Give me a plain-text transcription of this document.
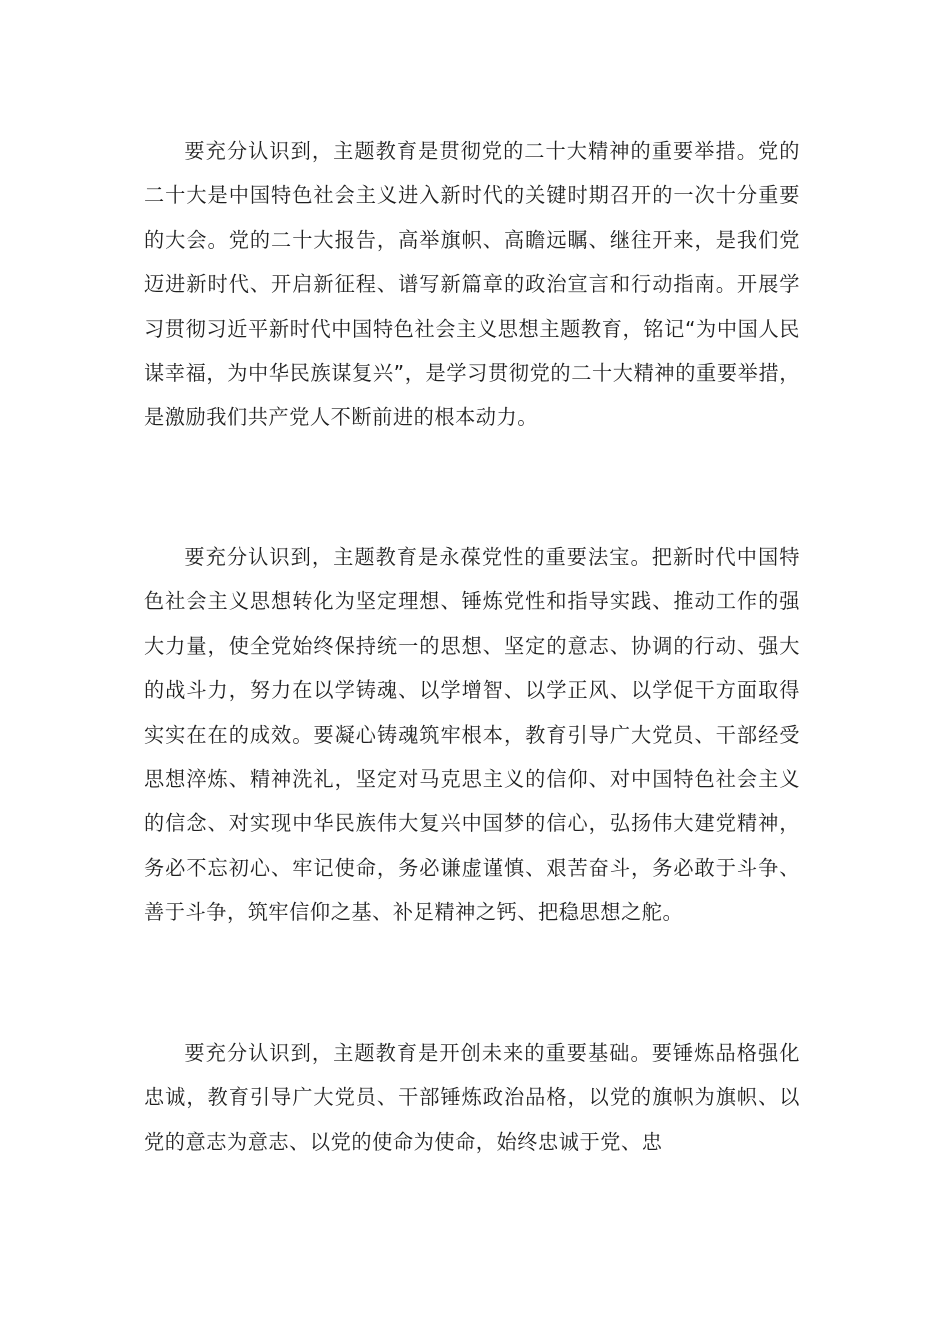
要充分认识到，主题教育是贯彻党的二十大精神的重要举措。党的二十大是中国特色社会主义进入新时代的关键时期召开的一次十分重要的大会。党的二十大报告，高举旗帜、高瞻远瞩、继往开来，是我们党迈进新时代、开启新征程、谱写新篇章的政治宣言和行动指南。开展学习贯彻习近平新时代中国特色社会主义思想主题教育，铭记“为中国人民谋幸福，为中华民族谋复兴”，是学习贯彻党的二十大精神的重要举措，是激励我们共产党人不断前进的根本动力。

要充分认识到，主题教育是永葆党性的重要法宝。把新时代中国特色社会主义思想转化为坚定理想、锤炼党性和指导实践、推动工作的强大力量，使全党始终保持统一的思想、坚定的意志、协调的行动、强大的战斗力，努力在以学铸魂、以学增智、以学正风、以学促干方面取得实实在在的成效。要凝心铸魂筑牢根本，教育引导广大党员、干部经受思想淬炼、精神洗礼，坚定对马克思主义的信仰、对中国特色社会主义的信念、对实现中华民族伟大复兴中国梦的信心，弘扬伟大建党精神，务必不忘初心、牢记使命，务必谦虚谨慎、艰苦奋斗，务必敢于斗争、善于斗争，筑牢信仰之基、补足精神之钙、把稳思想之舵。

要充分认识到，主题教育是开创未来的重要基础。要锤炼品格强化忠诚，教育引导广大党员、干部锤炼政治品格，以党的旗帜为旗帜、以党的意志为意志、以党的使命为使命，始终忠诚于党、忠
